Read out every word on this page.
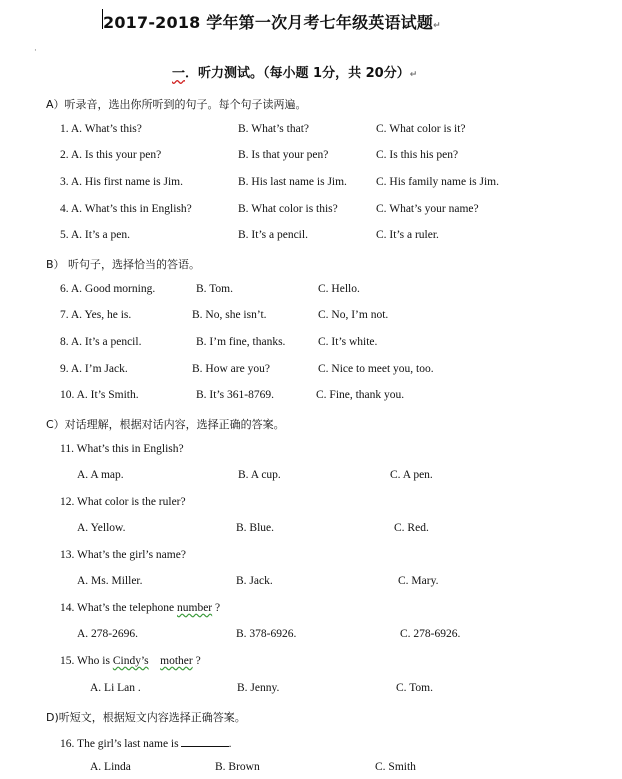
2017-2018 学年第一次月考七年级英语试题↵
·
一．听力测试。（每小题 1分，共 20分）↵
A）听录音，选出你所听到的句子。每个句子读两遍。
1. A. What’s this?	B. What’s that?	C. What color is it?
2. A. Is this your pen?	B. Is that your pen?	C. Is this his pen?
3. A. His first name is Jim.	B. His last name is Jim.	C. His family name is Jim.
4. A. What’s this in English?	B. What color is this?	C. What’s your name?
5. A. It’s a pen.	B. It’s a pencil.	C. It’s a ruler.
B） 听句子，选择恰当的答语。
6. A. Good morning.	B. Tom.	C. Hello.
7. A. Yes, he is.	B. No, she isn’t.	C. No, I’m not.
8. A. It’s a pencil.	B. I’m fine, thanks.	C. It’s white.
9. A. I’m Jack.	B. How are you?	C. Nice to meet you, too.
10. A. It’s Smith.	B. It’s 361-8769.	C. Fine, thank you.
C）对话理解，根据对话内容，选择正确的答案。
11. What’s this in English?
A. A map.	B. A cup.	C. A pen.
12. What color is the ruler?
A. Yellow.	B. Blue.	C. Red.
13. What’s the girl’s name?
A. Ms. Miller.	B. Jack.	C. Mary.
14. What’s the telephone number ?
A. 278-2696.	B. 378-6926.	C. 278-6926.
15. Who is Cindy’s mother ?
A. Li Lan .	B. Jenny.	C. Tom.
D)听短文，根据短文内容选择正确答案。
16. The girl’s last name is	.
A. Linda	B. Brown	C. Smith
